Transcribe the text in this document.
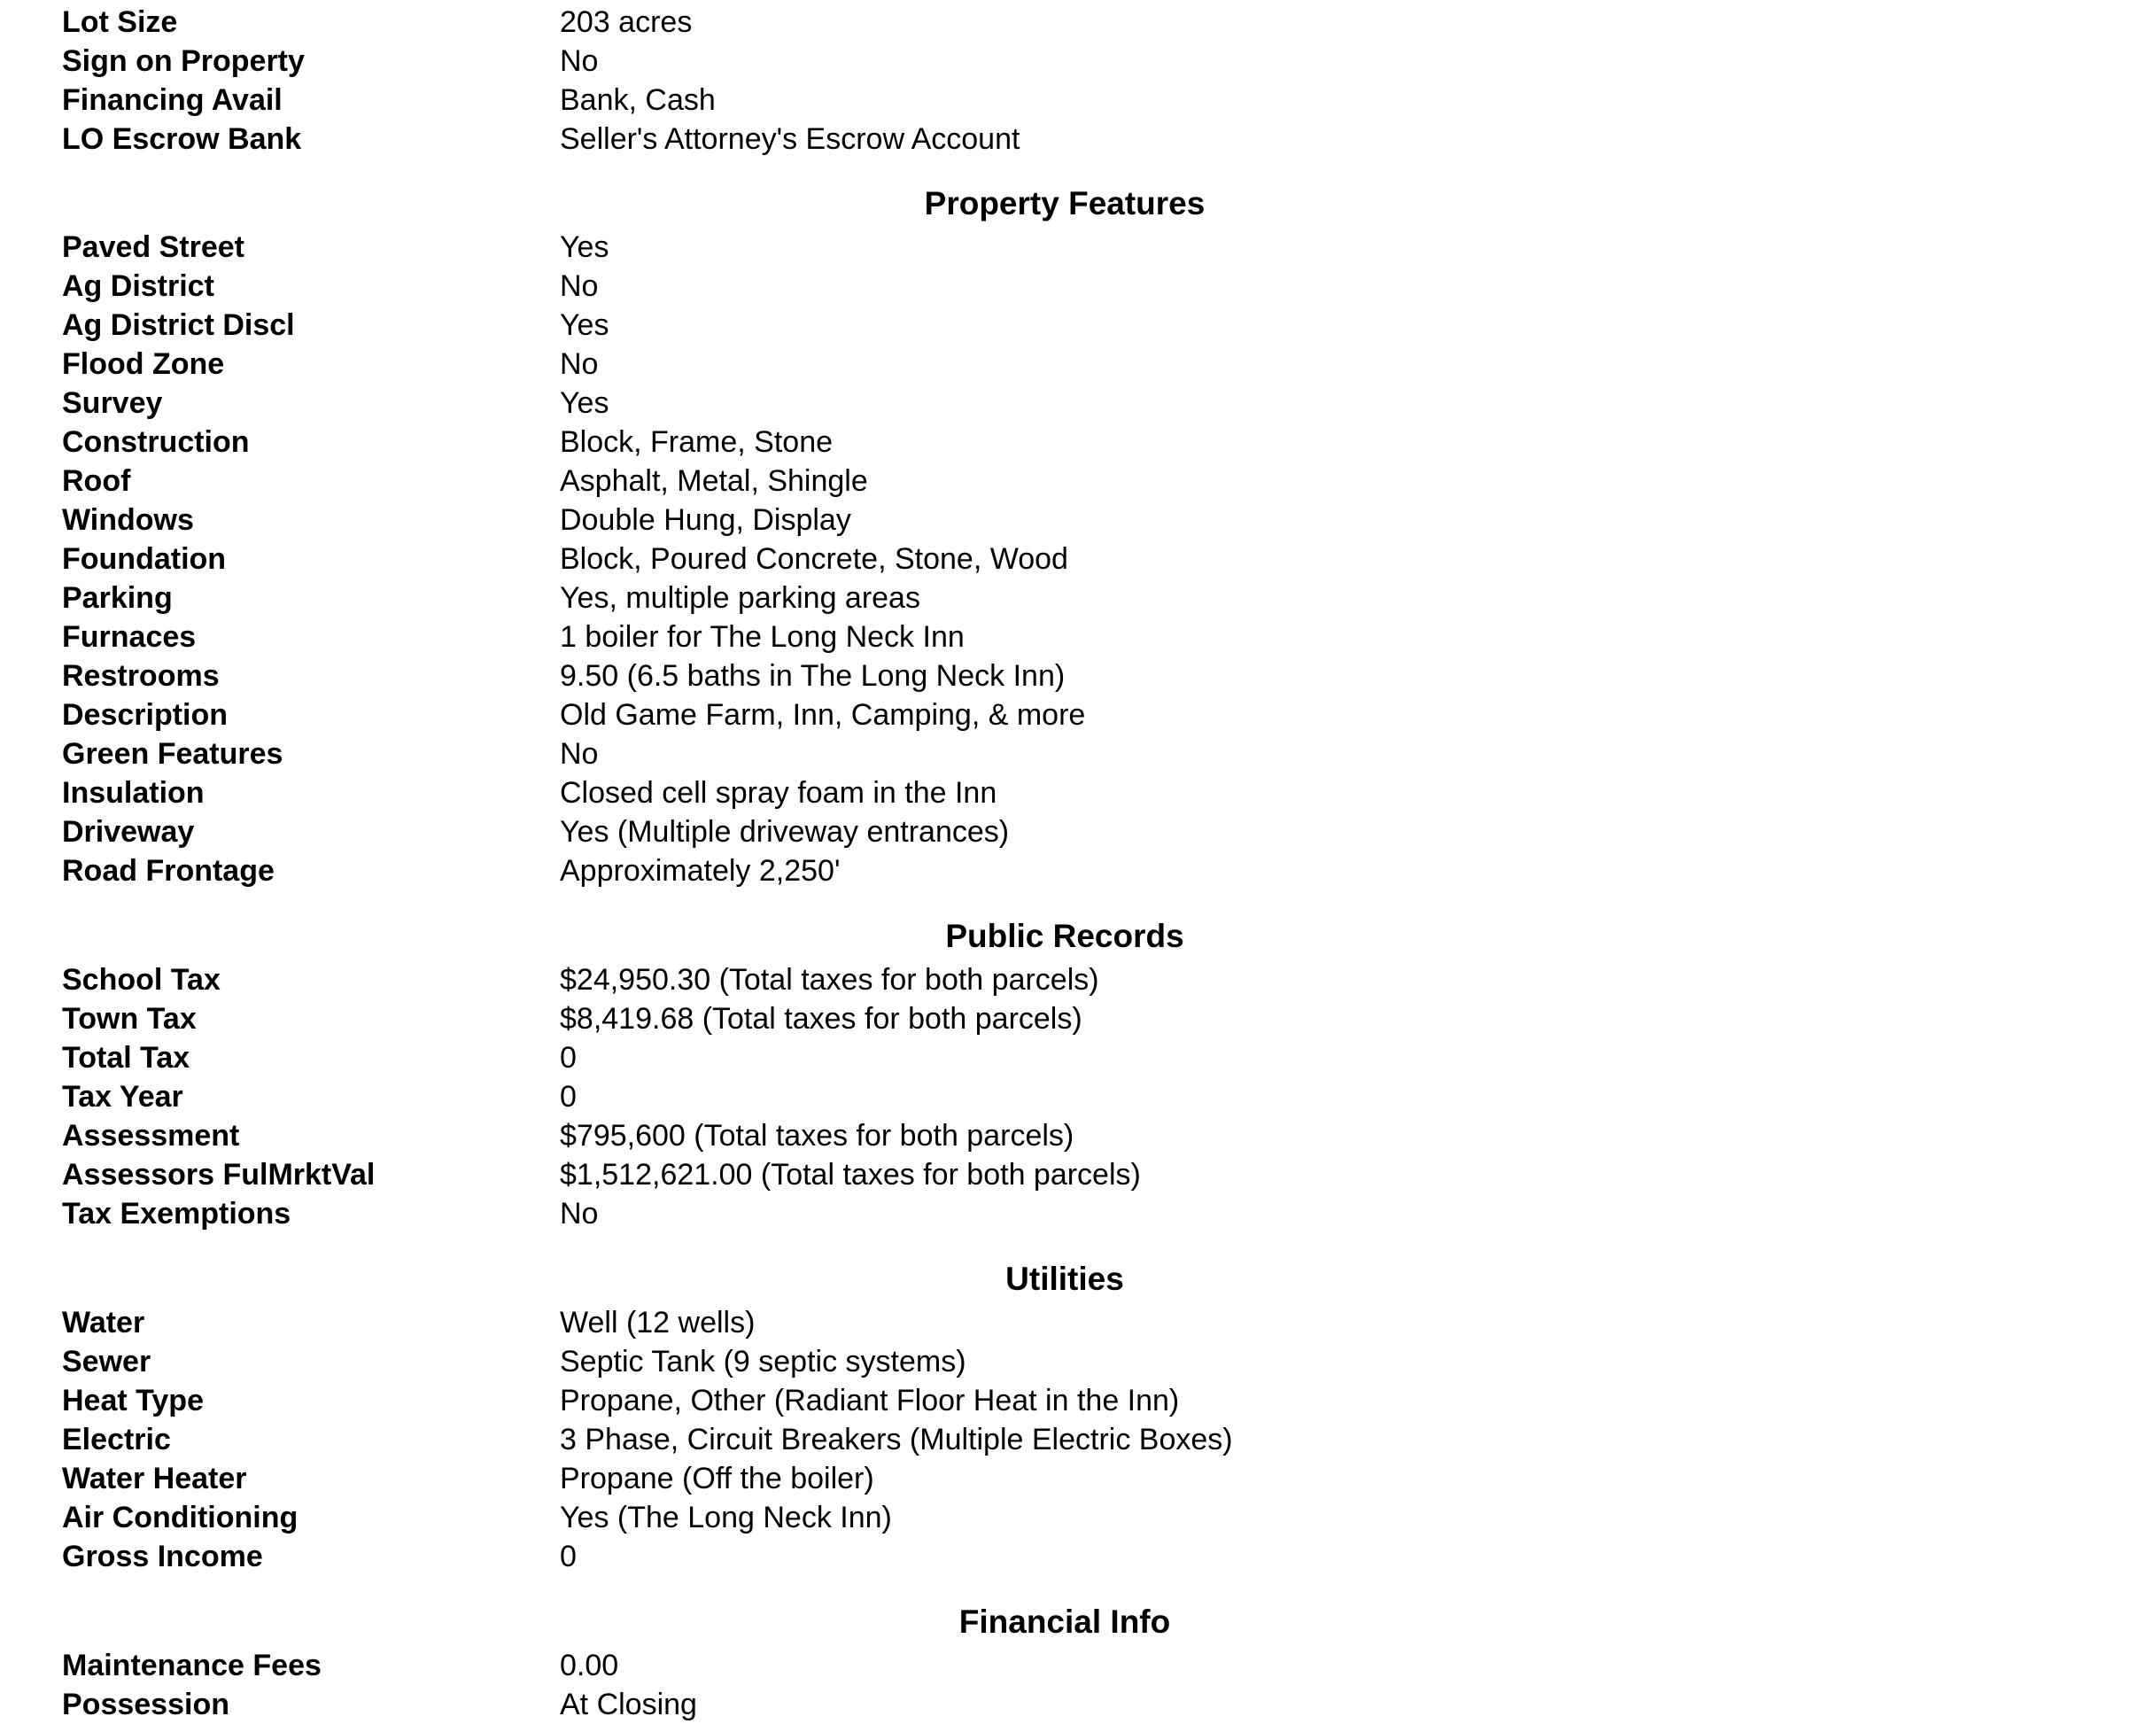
Lot Size	203 acres
Sign on Property	No
Financing Avail	Bank, Cash
LO Escrow Bank	Seller's Attorney's Escrow Account
Property Features
Paved Street	Yes
Ag District	No
Ag District Discl	Yes
Flood Zone	No
Survey	Yes
Construction	Block, Frame, Stone
Roof	Asphalt, Metal, Shingle
Windows	Double Hung, Display
Foundation	Block, Poured Concrete, Stone, Wood
Parking	Yes, multiple parking areas
Furnaces	1 boiler for The Long Neck Inn
Restrooms	9.50 (6.5 baths in The Long Neck Inn)
Description	Old Game Farm, Inn, Camping, & more
Green Features	No
Insulation	Closed cell spray foam in the Inn
Driveway	Yes (Multiple driveway entrances)
Road Frontage	Approximately 2,250'
Public Records
School Tax	$24,950.30 (Total taxes for both parcels)
Town Tax	$8,419.68 (Total taxes for both parcels)
Total Tax	0
Tax Year	0
Assessment	$795,600 (Total taxes for both parcels)
Assessors FulMrktVal	$1,512,621.00 (Total taxes for both parcels)
Tax Exemptions	No
Utilities
Water	Well (12 wells)
Sewer	Septic Tank (9 septic systems)
Heat Type	Propane, Other (Radiant Floor Heat in the Inn)
Electric	3 Phase, Circuit Breakers (Multiple Electric Boxes)
Water Heater	Propane (Off the boiler)
Air Conditioning	Yes (The Long Neck Inn)
Gross Income	0
Financial Info
Maintenance Fees	0.00
Possession	At Closing
